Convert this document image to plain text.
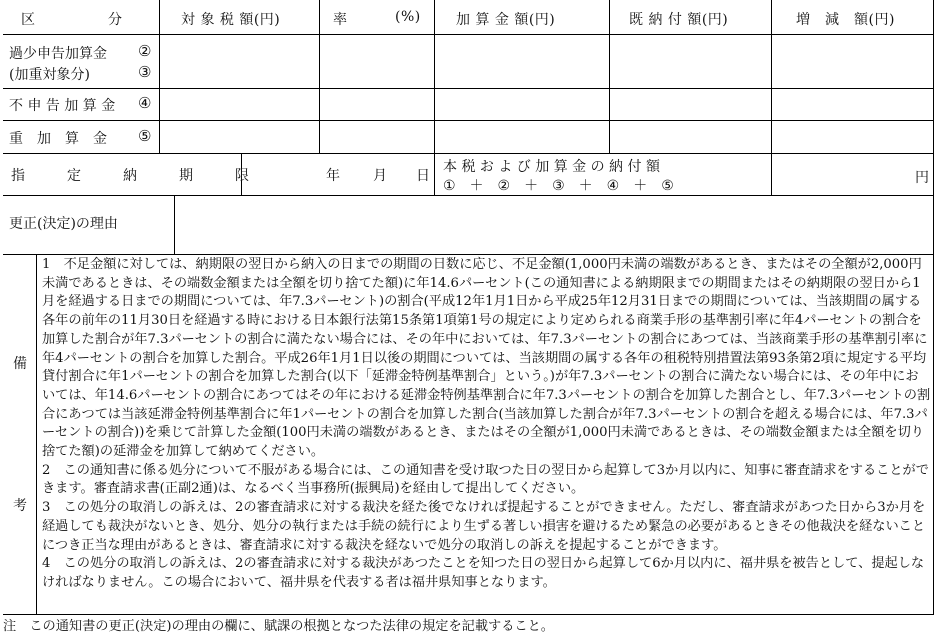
区　　　　　分	対 象 税 額(円)	率	(%)	加 算 金 額(円)	既 納 付 額(円)	増　減　額(円)
過少申告加算金 ②
(加重対象分)	③
不 申 告 加 算 金 ④
重　加　算　金 ⑤
指　　　定　　　納　　　期　　　限	年 月 日
本 税 お よ び 加 算 金 の 納 付 額
①　＋　②　＋　③　＋　④　＋　⑤	円
更正(決定)の理由
備
考

1　不足金額に対しては、納期限の翌日から納入の日までの期間の日数に応じ、不足金額(1,000円未満の端数があるとき、またはその全額が2,000円未満であるときは、その端数金額または全額を切り捨てた額)に年14.6パーセント(この通知書による納期限までの期間またはその納期限の翌日から1月を経過する日までの期間については、年7.3パーセント)の割合(平成12年1月1日から平成25年12月31日までの期間については、当該期間の属する各年の前年の11月30日を経過する時における日本銀行法第15条第1項第1号の規定により定められる商業手形の基準割引率に年4パーセントの割合を加算した割合が年7.3パーセントの割合に満たない場合には、その年中においては、年7.3パーセントの割合にあつては、当該商業手形の基準割引率に年4パーセントの割合を加算した割合。平成26年1月1日以後の期間については、当該期間の属する各年の租税特別措置法第93条第2項に規定する平均貸付割合に年1パーセントの割合を加算した割合(以下「延滞金特例基準割合」という。)が年7.3パーセントの割合に満たない場合には、その年中においては、年14.6パーセントの割合にあつてはその年における延滞金特例基準割合に年7.3パーセントの割合を加算した割合とし、年7.3パーセントの割合にあつては当該延滞金特例基準割合に年1パーセントの割合を加算した割合(当該加算した割合が年7.3パーセントの割合を超える場合には、年7.3パーセントの割合))を乗じて計算した金額(100円未満の端数があるとき、またはその全額が1,000円未満であるときは、その端数金額または全額を切り捨てた額)の延滞金を加算して納めてください。

2　この通知書に係る処分について不服がある場合には、この通知書を受け取つた日の翌日から起算して3か月以内に、知事に審査請求をすることができます。審査請求書(正副2通)は、なるべく当事務所(振興局)を経由して提出してください。

3　この処分の取消しの訴えは、2の審査請求に対する裁決を経た後でなければ提起することができません。ただし、審査請求があつた日から3か月を経過しても裁決がないとき、処分、処分の執行または手続の続行により生ずる著しい損害を避けるため緊急の必要があるときその他裁決を経ないことにつき正当な理由があるときは、審査請求に対する裁決を経ないで処分の取消しの訴えを提起することができます。

4　この処分の取消しの訴えは、2の審査請求に対する裁決があつたことを知つた日の翌日から起算して6か月以内に、福井県を被告として、提起しなければなりません。この場合において、福井県を代表する者は福井県知事となります。

注　この通知書の更正(決定)の理由の欄に、賦課の根拠となつた法律の規定を記載すること。
